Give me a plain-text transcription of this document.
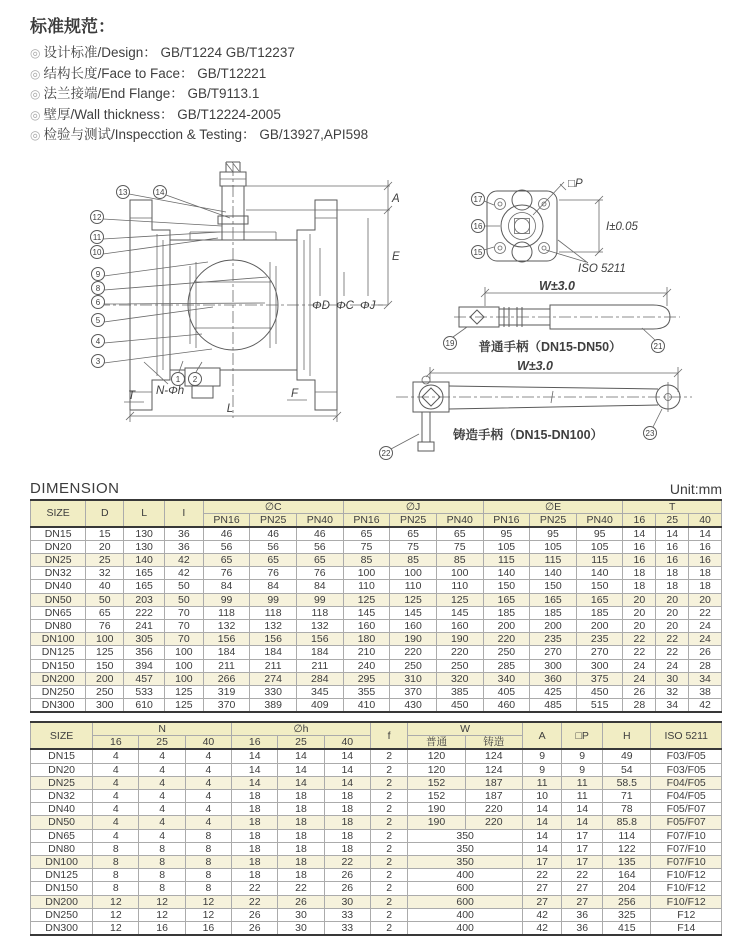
标准规范：
◎ 设计标准/Design： GB/T1224 GB/T12237
◎ 结构长度/Face to Face： GB/T12221
◎ 法兰接端/End Flange： GB/T9113.1
◎ 壁厚/Wall thickness： GB/T12224-2005
◎ 检验与测试/Inspecction & Testing： GB/13927,API598
A
E
ΦD ΦC ΦJ
L
T	F
N-Φh
13	14
12
11
10
9
8
6
5
4
3
1 2
□P
I±0.05
ISO 5211
17
16
15
W±3.0
19	21
普通手柄（DN15-DN50）
W±3.0
22
23
铸造手柄（DN15-DN100）
DIMENSION	Unit:mm
SIZE	D	L	I	∅C			∅J			∅E			T		
				PN16	PN25	PN40	PN16	PN25	PN40	PN16	PN25	PN40	16	25	40
DN15	15	130	36	46	46	46	65	65	65	95	95	95	14	14	14
DN20	20	130	36	56	56	56	75	75	75	105	105	105	16	16	16
DN25	25	140	42	65	65	65	85	85	85	115	115	115	16	16	16
DN32	32	165	42	76	76	76	100	100	100	140	140	140	18	18	18
DN40	40	165	50	84	84	84	110	110	110	150	150	150	18	18	18
DN50	50	203	50	99	99	99	125	125	125	165	165	165	20	20	20
DN65	65	222	70	118	118	118	145	145	145	185	185	185	20	20	22
DN80	76	241	70	132	132	132	160	160	160	200	200	200	20	20	24
DN100	100	305	70	156	156	156	180	190	190	220	235	235	22	22	24
DN125	125	356	100	184	184	184	210	220	220	250	270	270	22	22	26
DN150	150	394	100	211	211	211	240	250	250	285	300	300	24	24	28
DN200	200	457	100	266	274	284	295	310	320	340	360	375	24	30	34
DN250	250	533	125	319	330	345	355	370	385	405	425	450	26	32	38
DN300	300	610	125	370	389	409	410	430	450	460	485	515	28	34	42
SIZE	N			∅h			f	W		A	□P	H	ISO 5211
	16	25	40	16	25	40		普通	铸造				
DN15	4	4	4	14	14	14	2	120	124	9	9	49	F03/F05
DN20	4	4	4	14	14	14	2	120	124	9	9	54	F03/F05
DN25	4	4	4	14	14	14	2	152	187	11	11	58.5	F04/F05
DN32	4	4	4	18	18	18	2	152	187	10	11	71	F04/F05
DN40	4	4	4	18	18	18	2	190	220	14	14	78	F05/F07
DN50	4	4	4	18	18	18	2	190	220	14	14	85.8	F05/F07
DN65	4	4	8	18	18	18	2	350		14	17	114	F07/F10
DN80	8	8	8	18	18	18	2	350		14	17	122	F07/F10
DN100	8	8	8	18	18	22	2	350		17	17	135	F07/F10
DN125	8	8	8	18	18	26	2	400		22	22	164	F10/F12
DN150	8	8	8	22	22	26	2	600		27	27	204	F10/F12
DN200	12	12	12	22	26	30	2	600		27	27	256	F10/F12
DN250	12	12	12	26	30	33	2	400		42	36	325	F12
DN300	12	16	16	26	30	33	2	400		42	36	415	F14
